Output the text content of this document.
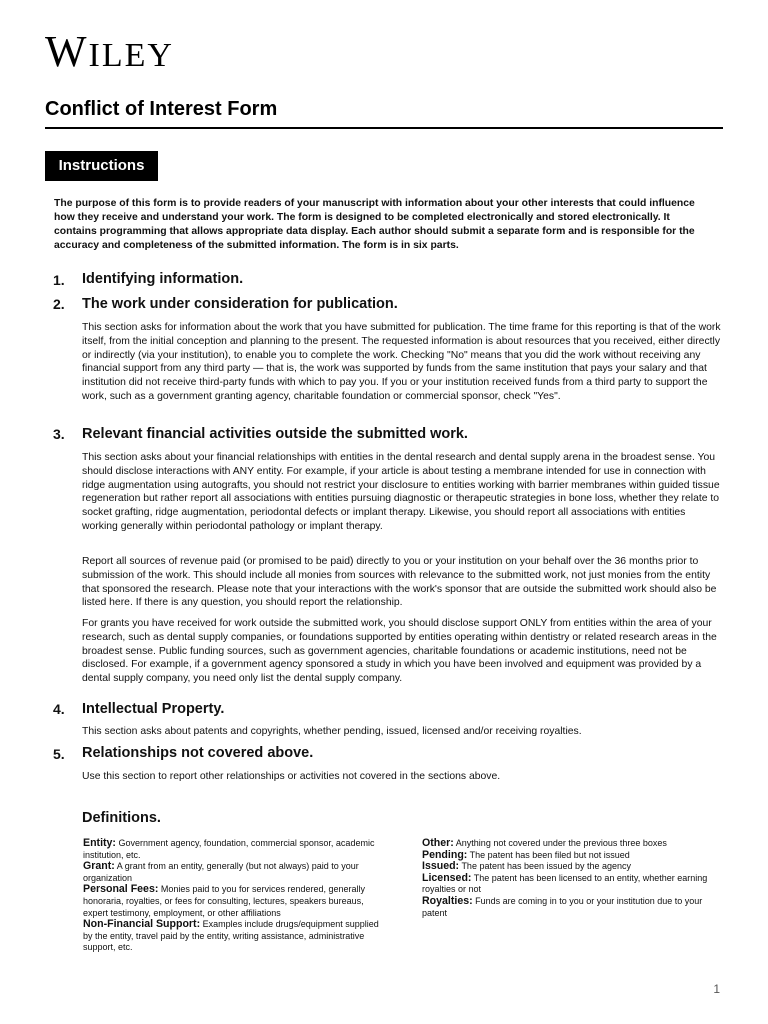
WILEY
Conflict of Interest Form
Instructions
The purpose of this form is to provide readers of your manuscript with information about your other interests that could influence how they receive and understand your work. The form is designed to be completed electronically and stored electronically. It contains programming that allows appropriate data display. Each author should submit a separate form and is responsible for the accuracy and completeness of the submitted information. The form is in six parts.
1. Identifying information.
2. The work under consideration for publication.
This section asks for information about the work that you have submitted for publication. The time frame for this reporting is that of the work itself, from the initial conception and planning to the present. The requested information is about resources that you received, either directly or indirectly (via your institution), to enable you to complete the work. Checking "No" means that you did the work without receiving any financial support from any third party — that is, the work was supported by funds from the same institution that pays your salary and that institution did not receive third-party funds with which to pay you. If you or your institution received funds from a third party to support the work, such as a government granting agency, charitable foundation or commercial sponsor, check "Yes".
3. Relevant financial activities outside the submitted work.
This section asks about your financial relationships with entities in the dental research and dental supply arena in the broadest sense. You should disclose interactions with ANY entity. For example, if your article is about testing a membrane intended for use in connection with ridge augmentation using autografts, you should not restrict your disclosure to entities working with barrier membranes within guided tissue regeneration but rather report all associations with entities pursuing diagnostic or therapeutic strategies in bone loss, whether they relate to socket grafting, ridge augmentation, periodontal defects or implant therapy. Likewise, you should report all associations with entities working generally within periodontal pathology or implant therapy.
Report all sources of revenue paid (or promised to be paid) directly to you or your institution on your behalf over the 36 months prior to submission of the work. This should include all monies from sources with relevance to the submitted work, not just monies from the entity that sponsored the research. Please note that your interactions with the work's sponsor that are outside the submitted work should also be listed here. If there is any question, you should report the relationship.
For grants you have received for work outside the submitted work, you should disclose support ONLY from entities within the area of your research, such as dental supply companies, or foundations supported by entities operating within dentistry or related research areas in the broadest sense. Public funding sources, such as government agencies, charitable foundations or academic institutions, need not be disclosed. For example, if a government agency sponsored a study in which you have been involved and equipment was provided by a dental supply company, you need only list the dental supply company.
4. Intellectual Property.
This section asks about patents and copyrights, whether pending, issued, licensed and/or receiving royalties.
5. Relationships not covered above.
Use this section to report other relationships or activities not covered in the sections above.
Definitions.
Entity: Government agency, foundation, commercial sponsor, academic institution, etc.
Grant: A grant from an entity, generally (but not always) paid to your organization
Personal Fees: Monies paid to you for services rendered, generally honoraria, royalties, or fees for consulting, lectures, speakers bureaus, expert testimony, employment, or other affiliations
Non-Financial Support: Examples include drugs/equipment supplied by the entity, travel paid by the entity, writing assistance, administrative support, etc.
Other: Anything not covered under the previous three boxes
Pending: The patent has been filed but not issued
Issued: The patent has been issued by the agency
Licensed: The patent has been licensed to an entity, whether earning royalties or not
Royalties: Funds are coming in to you or your institution due to your patent
1
